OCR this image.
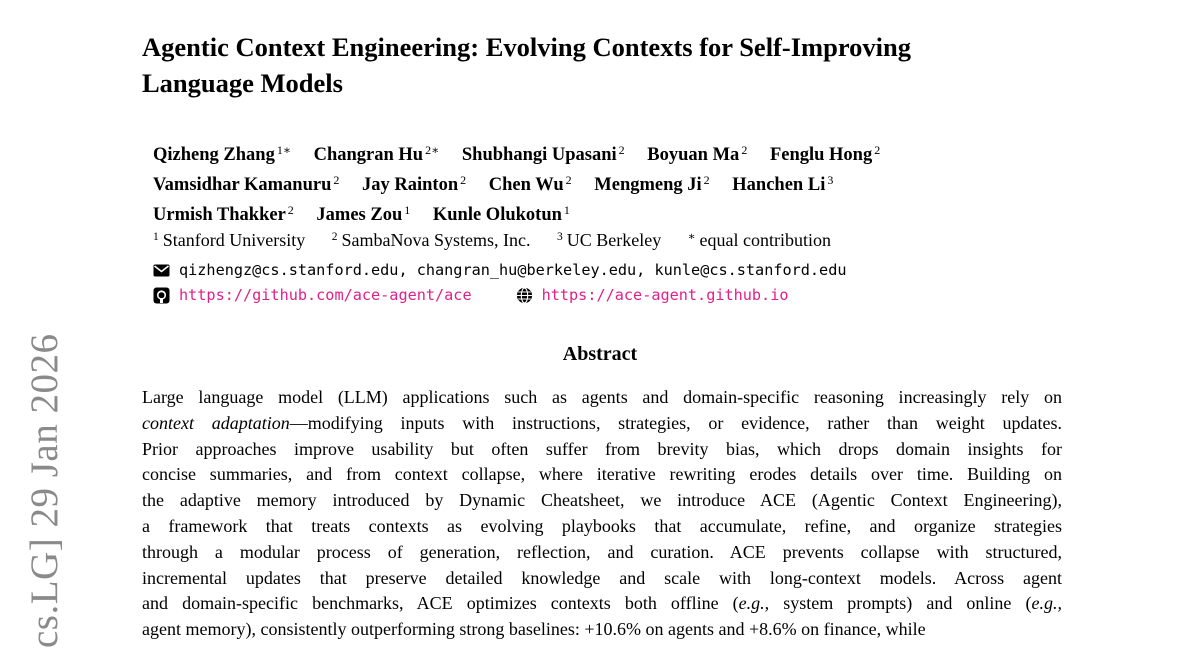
cs.LG] 29 Jan 2026
Agentic Context Engineering: Evolving Contexts for Self-Improving
Language Models
Qizheng Zhang $^{1∗}$ Changran Hu $^{2∗}$ Shubhangi Upasani $^2$ Boyuan Ma $^2$ Fenglu Hong $^2$
Vamsidhar Kamanuru $^2$ Jay Rainton $^2$ Chen Wu $^2$ Mengmeng Ji $^2$ Hanchen Li $^3$
Urmish Thakker $^2$ James Zou $^1$ Kunle Olukotun $^1$
$^1$ Stanford University $^2$ SambaNova Systems, Inc. $^3$ UC Berkeley ∗ equal contribution
qizhengz@cs.stanford.edu, changran_hu@berkeley.edu, kunle@cs.stanford.edu
https://github.com/ace-agent/ace	https://ace-agent.github.io
Abstract
Large language model (LLM) applications such as agents and domain-specific reasoning increasingly rely on
context adaptation—modifying inputs with instructions, strategies, or evidence, rather than weight updates.
Prior approaches improve usability but often suffer from brevity bias, which drops domain insights for
concise summaries, and from context collapse, where iterative rewriting erodes details over time. Building on
the adaptive memory introduced by Dynamic Cheatsheet, we introduce ACE (Agentic Context Engineering),
a framework that treats contexts as evolving playbooks that accumulate, refine, and organize strategies
through a modular process of generation, reflection, and curation. ACE prevents collapse with structured,
incremental updates that preserve detailed knowledge and scale with long-context models. Across agent
and domain-specific benchmarks, ACE optimizes contexts both offline (e.g., system prompts) and online (e.g.,
agent memory), consistently outperforming strong baselines: +10.6% on agents and +8.6% on finance, while
